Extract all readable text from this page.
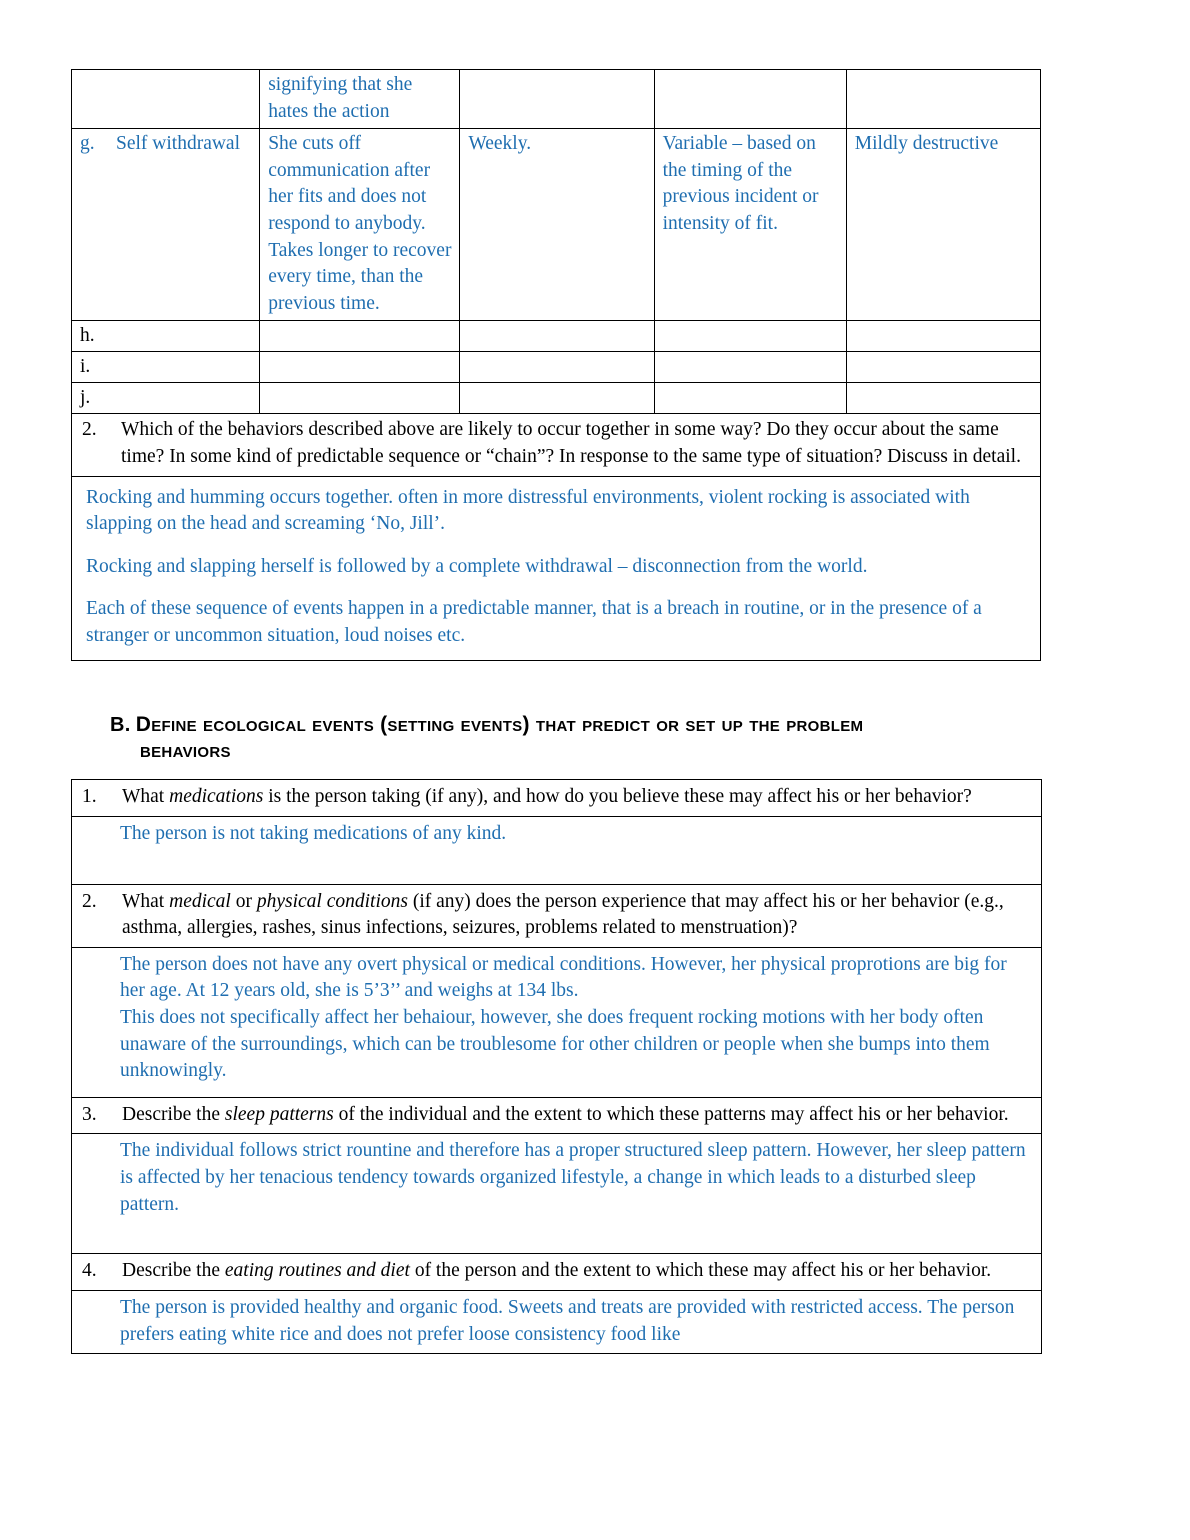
	signifying that she hates the action			

g. Self withdrawal	She cuts off communication after her fits and does not respond to anybody. Takes longer to recover every time, than the previous time.	Weekly.	Variable – based on the timing of the previous incident or intensity of fit.	Mildly destructive

h.				

i.				

j.				

2. Which of the behaviors described above are likely to occur together in some way? Do they occur about the same time? In some kind of predictable sequence or “chain”? In response to the same type of situation? Discuss in detail.				

Rocking and humming occurs together. often in more distressful environments, violent rocking is associated with slapping on the head and screaming ‘No, Jill’.

Rocking and slapping herself is followed by a complete withdrawal – disconnection from the world.

Each of these sequence of events happen in a predictable manner, that is a breach in routine, or in the presence of a stranger or uncommon situation, loud noises etc.				

B. Define ecological events (setting events) that predict or set up the problem
behaviors
1. What medications is the person taking (if any), and how do you believe these may affect his or her behavior?

The person is not taking medications of any kind.

2. What medical or physical conditions (if any) does the person experience that may affect his or her behavior (e.g., asthma, allergies, rashes, sinus infections, seizures, problems related to menstruation)?

The person does not have any overt physical or medical conditions. However, her physical proprotions are big for her age. At 12 years old, she is 5’3’’ and weighs at 134 lbs.
This does not specifically affect her behaiour, however, she does frequent rocking motions with her body often unaware of the surroundings, which can be troublesome for other children or people when she bumps into them unknowingly.

3. Describe the sleep patterns of the individual and the extent to which these patterns may affect his or her behavior.

The individual follows strict rountine and therefore has a proper structured sleep pattern. However, her sleep pattern is affected by her tenacious tendency towards organized lifestyle, a change in which leads to a disturbed sleep pattern.

4. Describe the eating routines and diet of the person and the extent to which these may affect his or her behavior.

The person is provided healthy and organic food. Sweets and treats are provided with restricted access. The person prefers eating white rice and does not prefer loose consistency food like
